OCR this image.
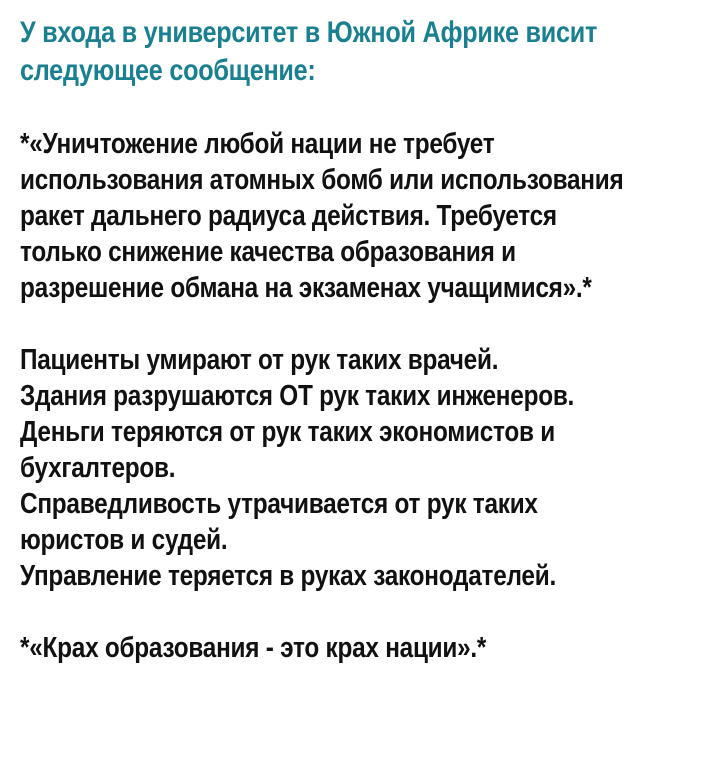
У входа в университет в Южной Африке висит
следующее сообщение:
*«Уничтожение любой нации не требует
использования атомных бомб или использования
ракет дальнего радиуса действия. Требуется
только снижение качества образования и
разрешение обмана на экзаменах учащимися».*
Пациенты умирают от рук таких врачей.
Здания разрушаются ОТ рук таких инженеров.
Деньги теряются от рук таких экономистов и
бухгалтеров.
Справедливость утрачивается от рук таких
юристов и судей.
Управление теряется в руках законодателей.
*«Крах образования - это крах нации».*
